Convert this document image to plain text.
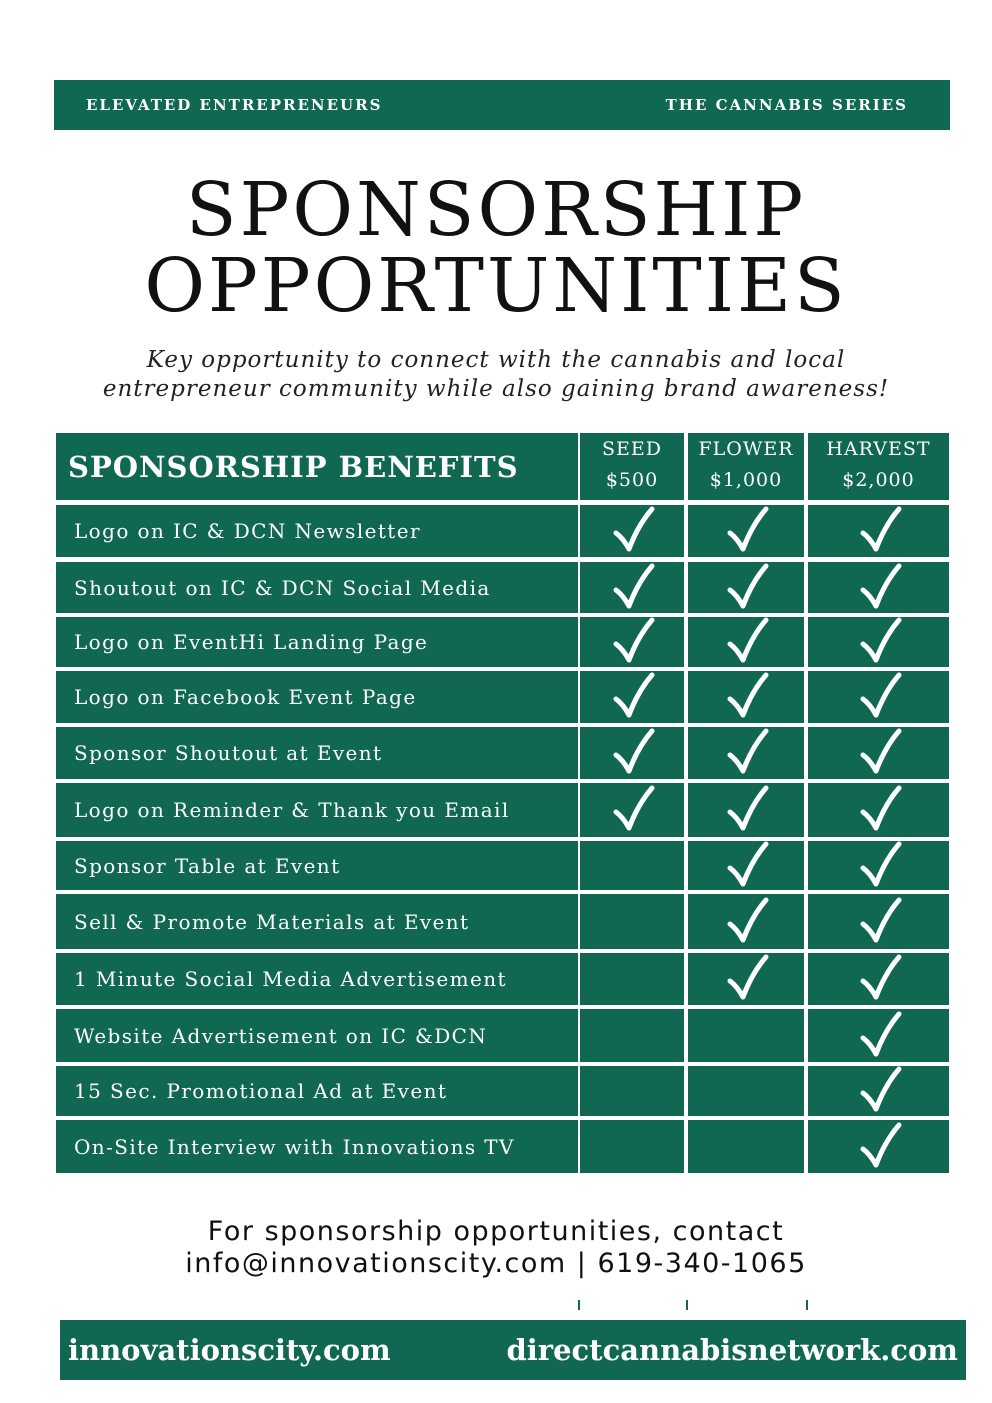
ELEVATED ENTREPRENEURS	THE CANNABIS SERIES
SPONSORSHIP
OPPORTUNITIES
Key opportunity to connect with the cannabis and local
entrepreneur community while also gaining brand awareness!
SPONSORSHIP BENEFITS
SEED
$500
FLOWER
$1,000
HARVEST
$2,000
Logo on IC & DCN Newsletter
Shoutout on IC & DCN Social Media
Logo on EventHi Landing Page
Logo on Facebook Event Page
Sponsor Shoutout at Event
Logo on Reminder & Thank you Email
Sponsor Table at Event
Sell & Promote Materials at Event
1 Minute Social Media Advertisement
Website Advertisement on IC &DCN
15 Sec. Promotional Ad at Event
On-Site Interview with Innovations TV
For sponsorship opportunities, contact
info@innovationscity.com | 619-340-1065
innovationscity.com	directcannabisnetwork.com
